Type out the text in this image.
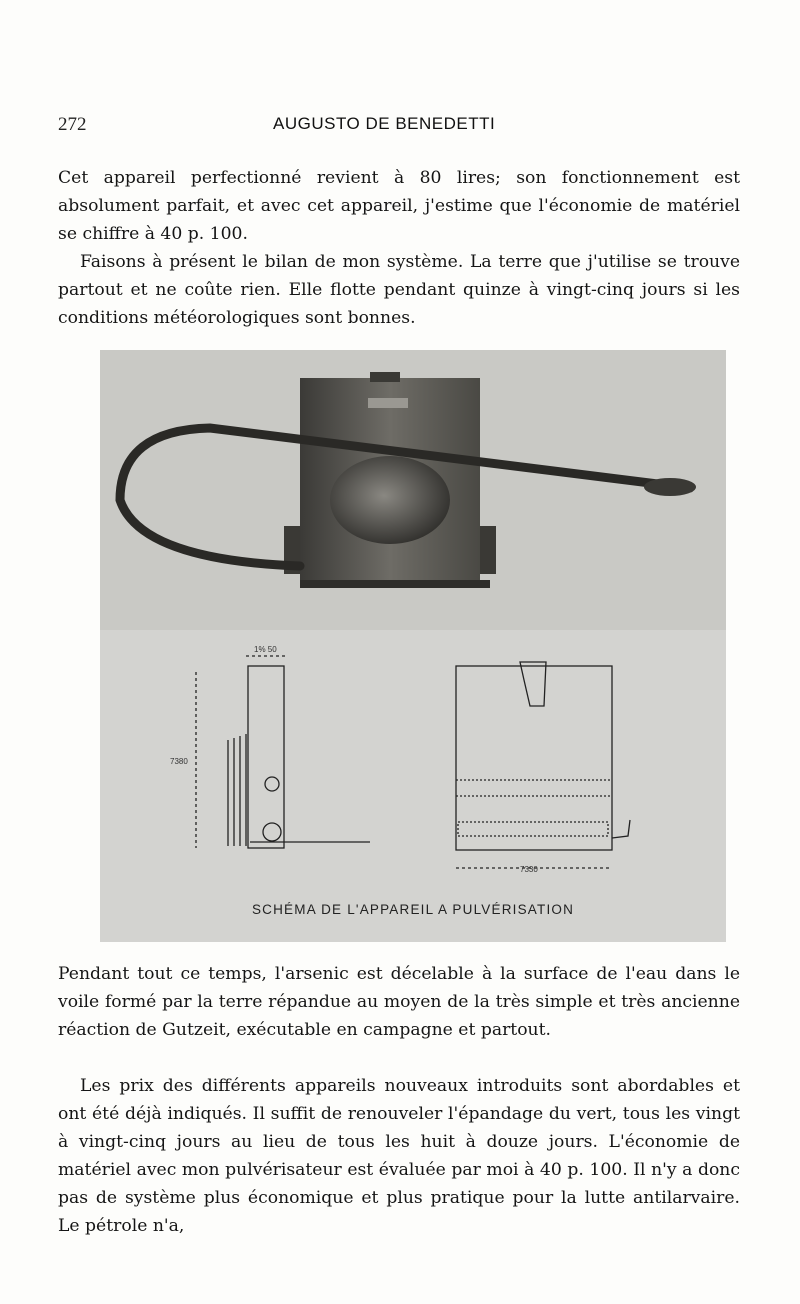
272	AUGUSTO DE BENEDETTI

Cet appareil perfectionné revient à 80 lires; son fonctionnement est absolument parfait, et avec cet appareil, j'estime que l'économie de matériel se chiffre à 40 p. 100.

Faisons à présent le bilan de mon système. La terre que j'utilise se trouve partout et ne coûte rien. Elle flotte pendant quinze à vingt-cinq jours si les conditions météorologiques sont bonnes.

1% 50
7380
7330
SCHÉMA DE L'APPAREIL A PULVÉRISATION

Pendant tout ce temps, l'arsenic est décelable à la surface de l'eau dans le voile formé par la terre répandue au moyen de la très simple et très ancienne réaction de Gutzeit, exécutable en campagne et partout.

Les prix des différents appareils nouveaux introduits sont abordables et ont été déjà indiqués. Il suffit de renouveler l'épandage du vert, tous les vingt à vingt-cinq jours au lieu de tous les huit à douze jours. L'économie de matériel avec mon pulvérisateur est évaluée par moi à 40 p. 100. Il n'y a donc pas de système plus économique et plus pratique pour la lutte antilarvaire. Le pétrole n'a,
